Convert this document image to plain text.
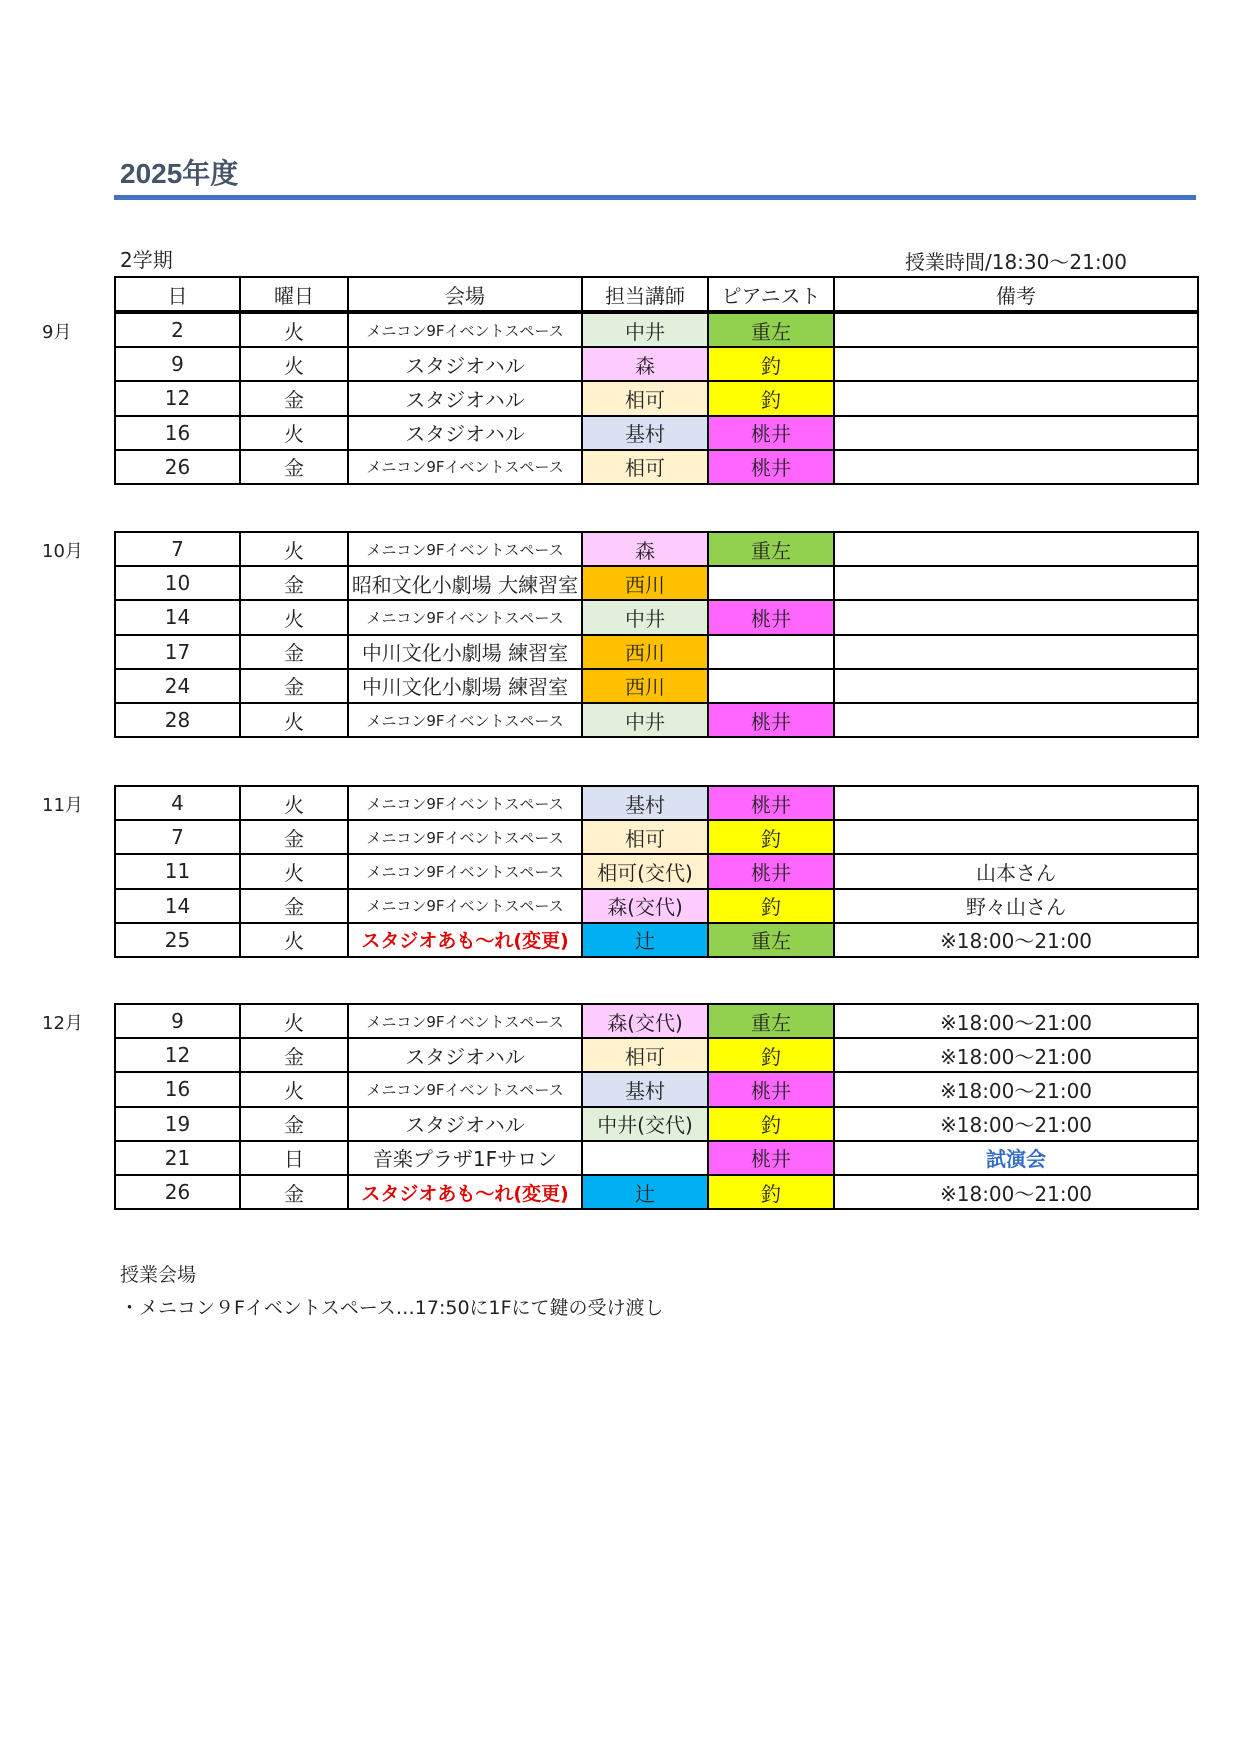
2025年度
2学期	授業時間/18:30～21:00
日	曜日	会場	担当講師	ピアニスト	備考
9月	2	火	メニコン9Fイベントスペース	中井	重左	
9	火	スタジオハル	森	釣	
12	金	スタジオハル	相可	釣	
16	火	スタジオハル	基村	桃井	
26	金	メニコン9Fイベントスペース	相可	桃井	
10月	7	火	メニコン9Fイベントスペース	森	重左	
10	金	昭和文化小劇場 大練習室	西川		
14	火	メニコン9Fイベントスペース	中井	桃井	
17	金	中川文化小劇場 練習室	西川		
24	金	中川文化小劇場 練習室	西川		
28	火	メニコン9Fイベントスペース	中井	桃井	
11月	4	火	メニコン9Fイベントスペース	基村	桃井	
7	金	メニコン9Fイベントスペース	相可	釣	
11	火	メニコン9Fイベントスペース	相可(交代)	桃井	山本さん
14	金	メニコン9Fイベントスペース	森(交代)	釣	野々山さん
25	火	スタジオあも～れ(変更)	辻	重左	※18:00～21:00
12月	9	火	メニコン9Fイベントスペース	森(交代)	重左	※18:00～21:00
12	金	スタジオハル	相可	釣	※18:00～21:00
16	火	メニコン9Fイベントスペース	基村	桃井	※18:00～21:00
19	金	スタジオハル	中井(交代)	釣	※18:00～21:00
21	日	音楽プラザ1Fサロン		桃井	試演会
26	金	スタジオあも～れ(変更)	辻	釣	※18:00～21:00
授業会場
・メニコン９Fイベントスペース…17:50に1Fにて鍵の受け渡し
